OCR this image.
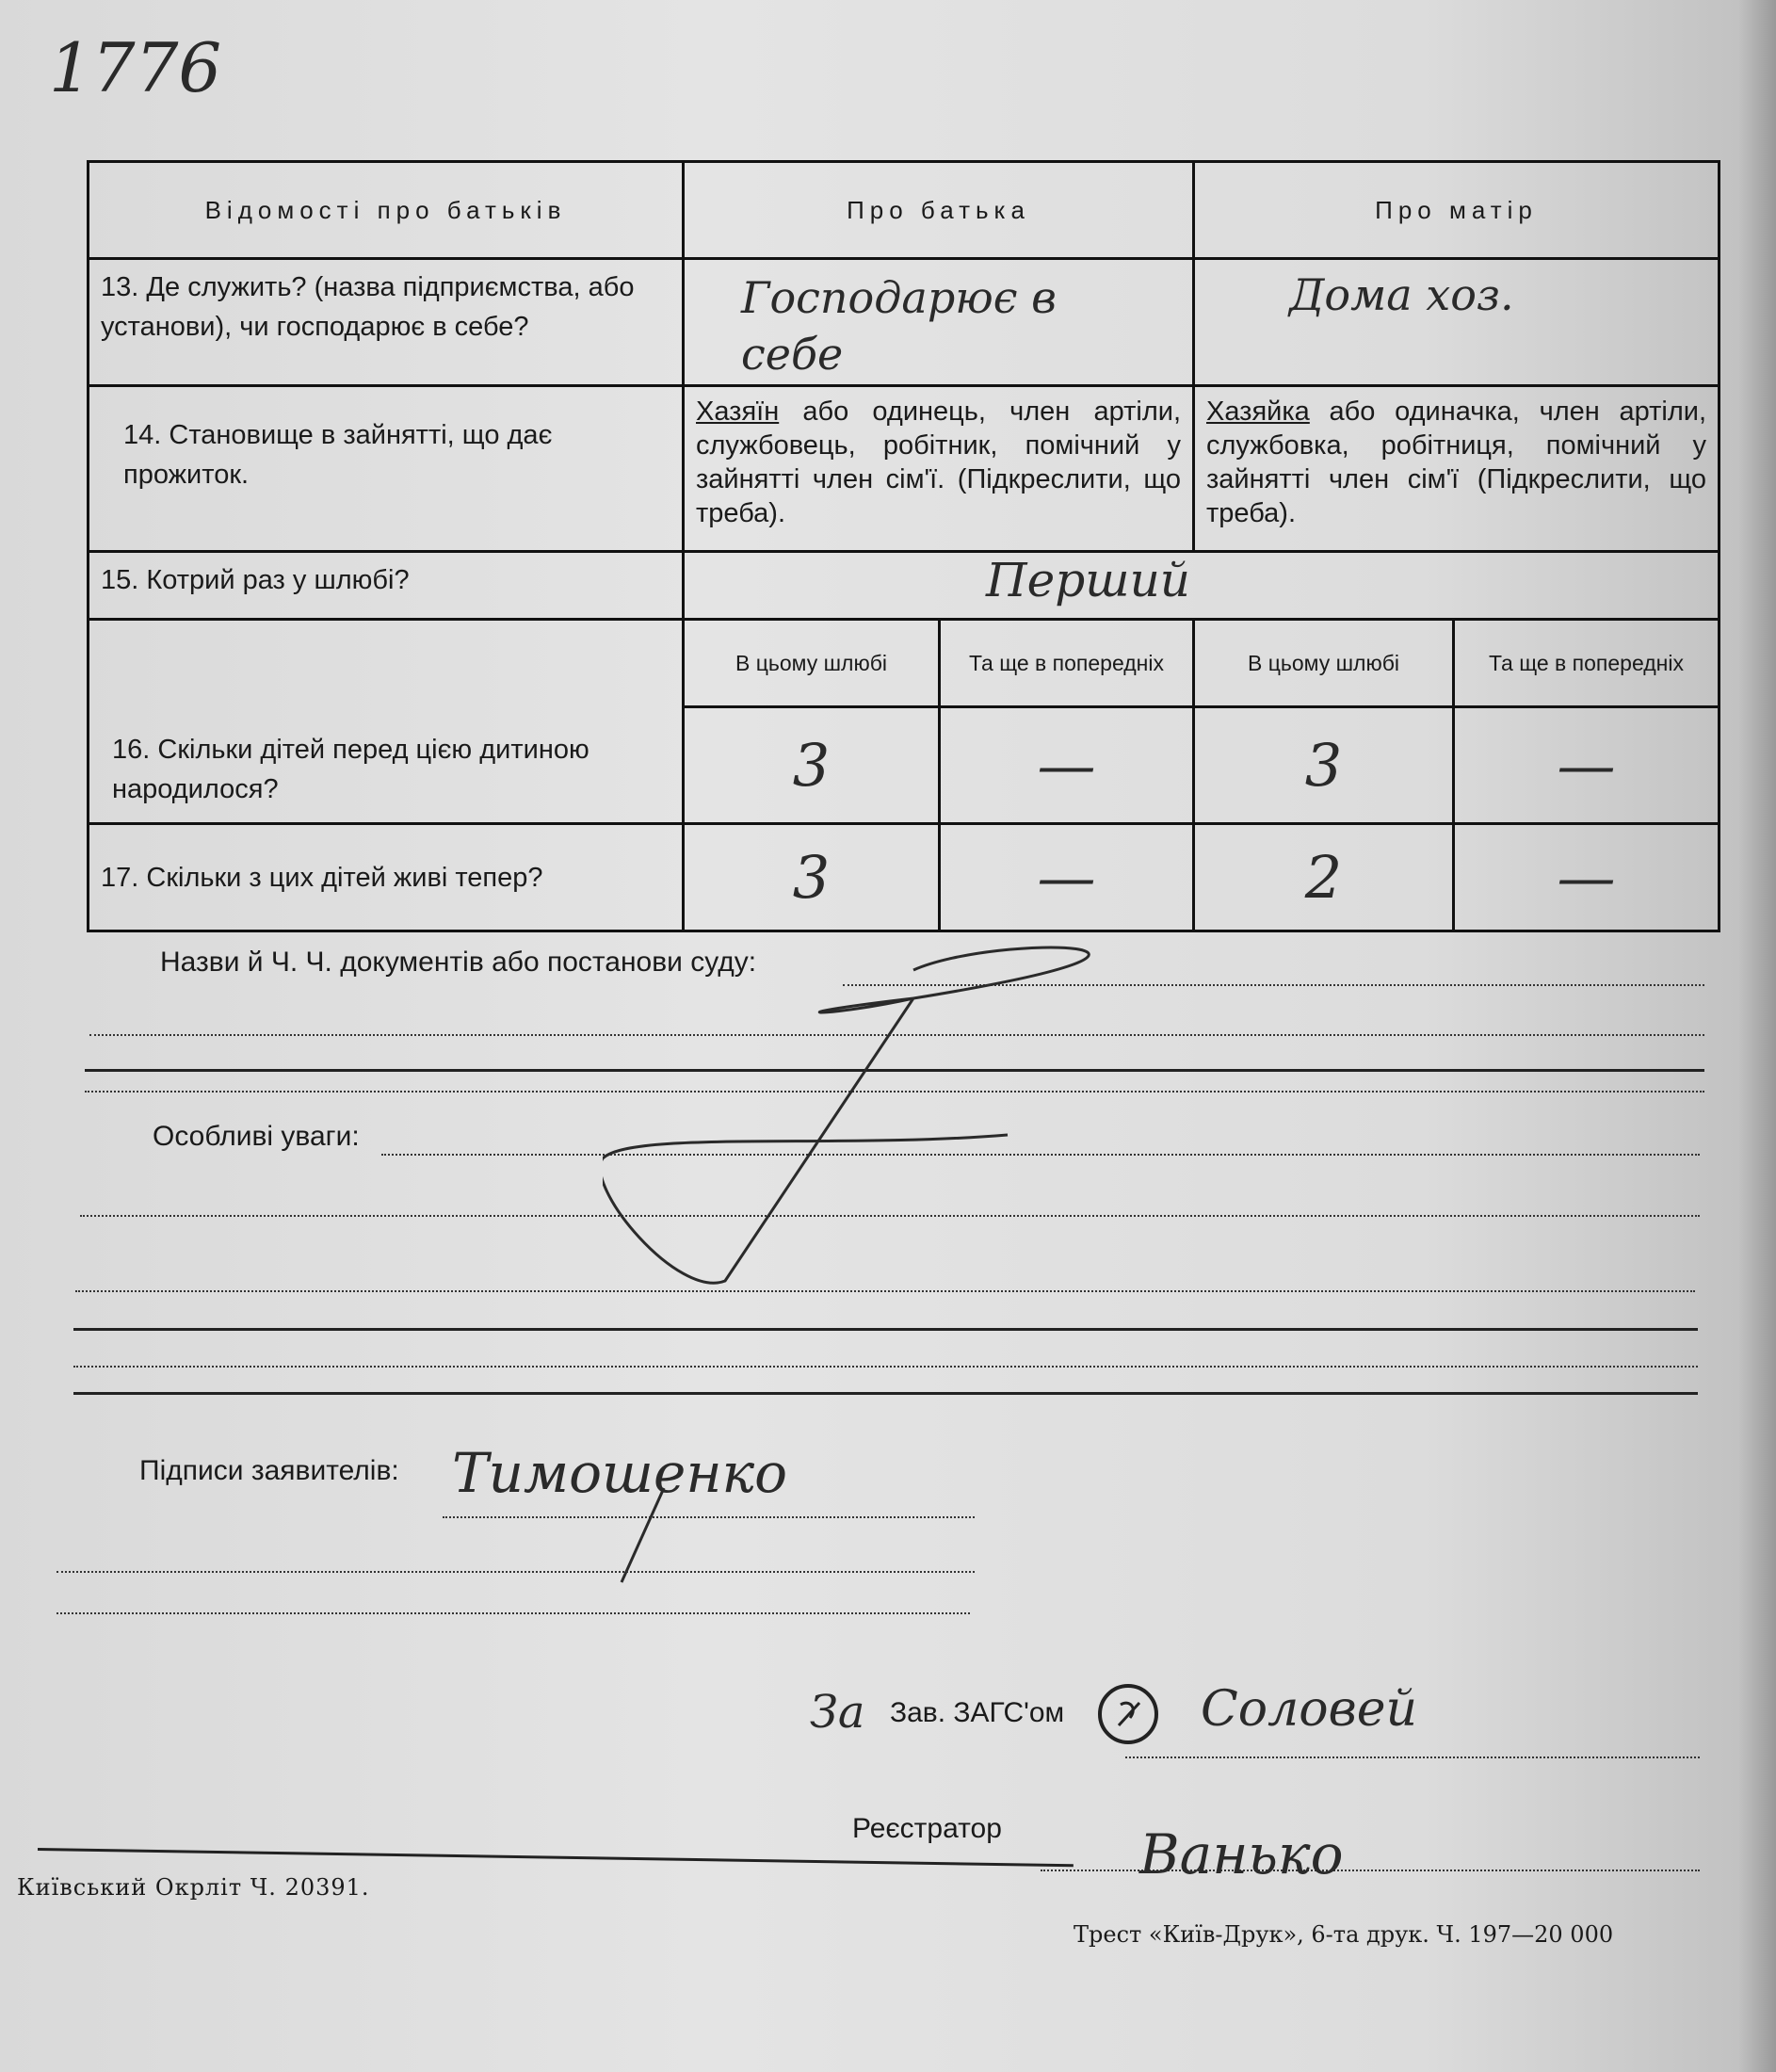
1776
Відомості про батьків	Про батька		Про матір	
13. Де служить? (назва підприємства, або установи), чи господарює в себе?	Господарює в себе		Дома хоз.	

14. Становище в зайнятті, що дає прожиток.	Хазяїн або одинець, член артіли, службовець, робітник, помічний у зайнятті член сім'ї. (Підкреслити, що треба).		Хазяйка або одиначка, член артіли, службовка, робітниця, помічний у зайнятті член сім'ї (Підкреслити, що треба).	
15. Котрий раз у шлюбі?	Перший			

16. Скільки дітей перед цією дитиною народилося?	В цьому шлюбі	Та ще в попередніх	В цьому шлюбі	Та ще в попередніх
	3	—	3	—
17. Скільки з цих дітей живі тепер?	3	—	2	—
Назви й Ч. Ч. документів або постанови суду:
Особливі уваги:
Підписи заявителів: Тимошенко
За Зав. ЗАГС'ом	Соловей
Реєстратор	Ванько
Київський Окрліт Ч. 20391.
Трест «Київ-Друк», 6-та друк. Ч. 197—20 000
